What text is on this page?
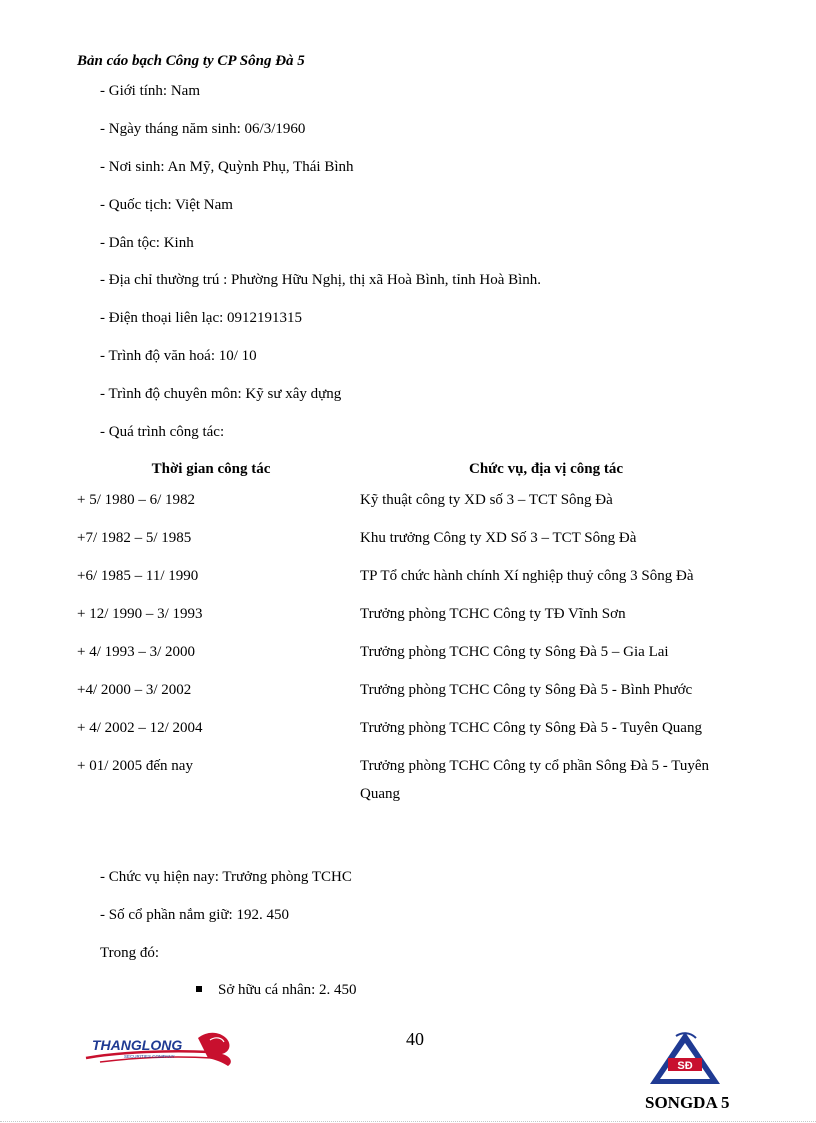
Bản cáo bạch Công ty CP Sông Đà 5
- Giới tính: Nam
- Ngày tháng năm sinh: 06/3/1960
- Nơi sinh: An Mỹ, Quỳnh Phụ, Thái Bình
- Quốc tịch: Việt Nam
- Dân tộc: Kinh
- Địa chỉ thường trú : Phường Hữu Nghị, thị xã Hoà Bình, tỉnh Hoà Bình.
- Điện thoại liên lạc: 0912191315
- Trình độ văn hoá: 10/ 10
- Trình độ chuyên môn: Kỹ sư xây dựng
- Quá trình công tác:
Thời gian công tác	Chức vụ, địa vị công tác
+ 5/ 1980 – 6/ 1982	Kỹ thuật công ty XD số 3 – TCT Sông Đà
+7/ 1982 – 5/ 1985	Khu trưởng Công ty XD Số 3 – TCT Sông Đà
+6/ 1985 – 11/ 1990	TP Tổ chức hành chính Xí nghiệp thuỷ công 3 Sông Đà
+ 12/ 1990 – 3/ 1993	Trưởng phòng TCHC Công ty TĐ Vĩnh Sơn
+ 4/ 1993 – 3/ 2000	Trưởng phòng TCHC Công ty Sông Đà 5 – Gia Lai
+4/ 2000 – 3/ 2002	Trưởng phòng TCHC Công ty Sông Đà 5 - Bình Phước
+ 4/ 2002 – 12/ 2004	Trưởng phòng TCHC Công ty Sông Đà 5 - Tuyên Quang
+ 01/ 2005 đến nay	Trưởng phòng TCHC Công ty cổ phần Sông Đà 5 - Tuyên Quang
- Chức vụ hiện nay: Trưởng phòng TCHC
- Số cổ phần nắm giữ: 192. 450
Trong đó:
Sở hữu cá nhân: 2. 450
40
THANGLONG
SECURITIES COMPANY
SĐ
SONGDA 5
